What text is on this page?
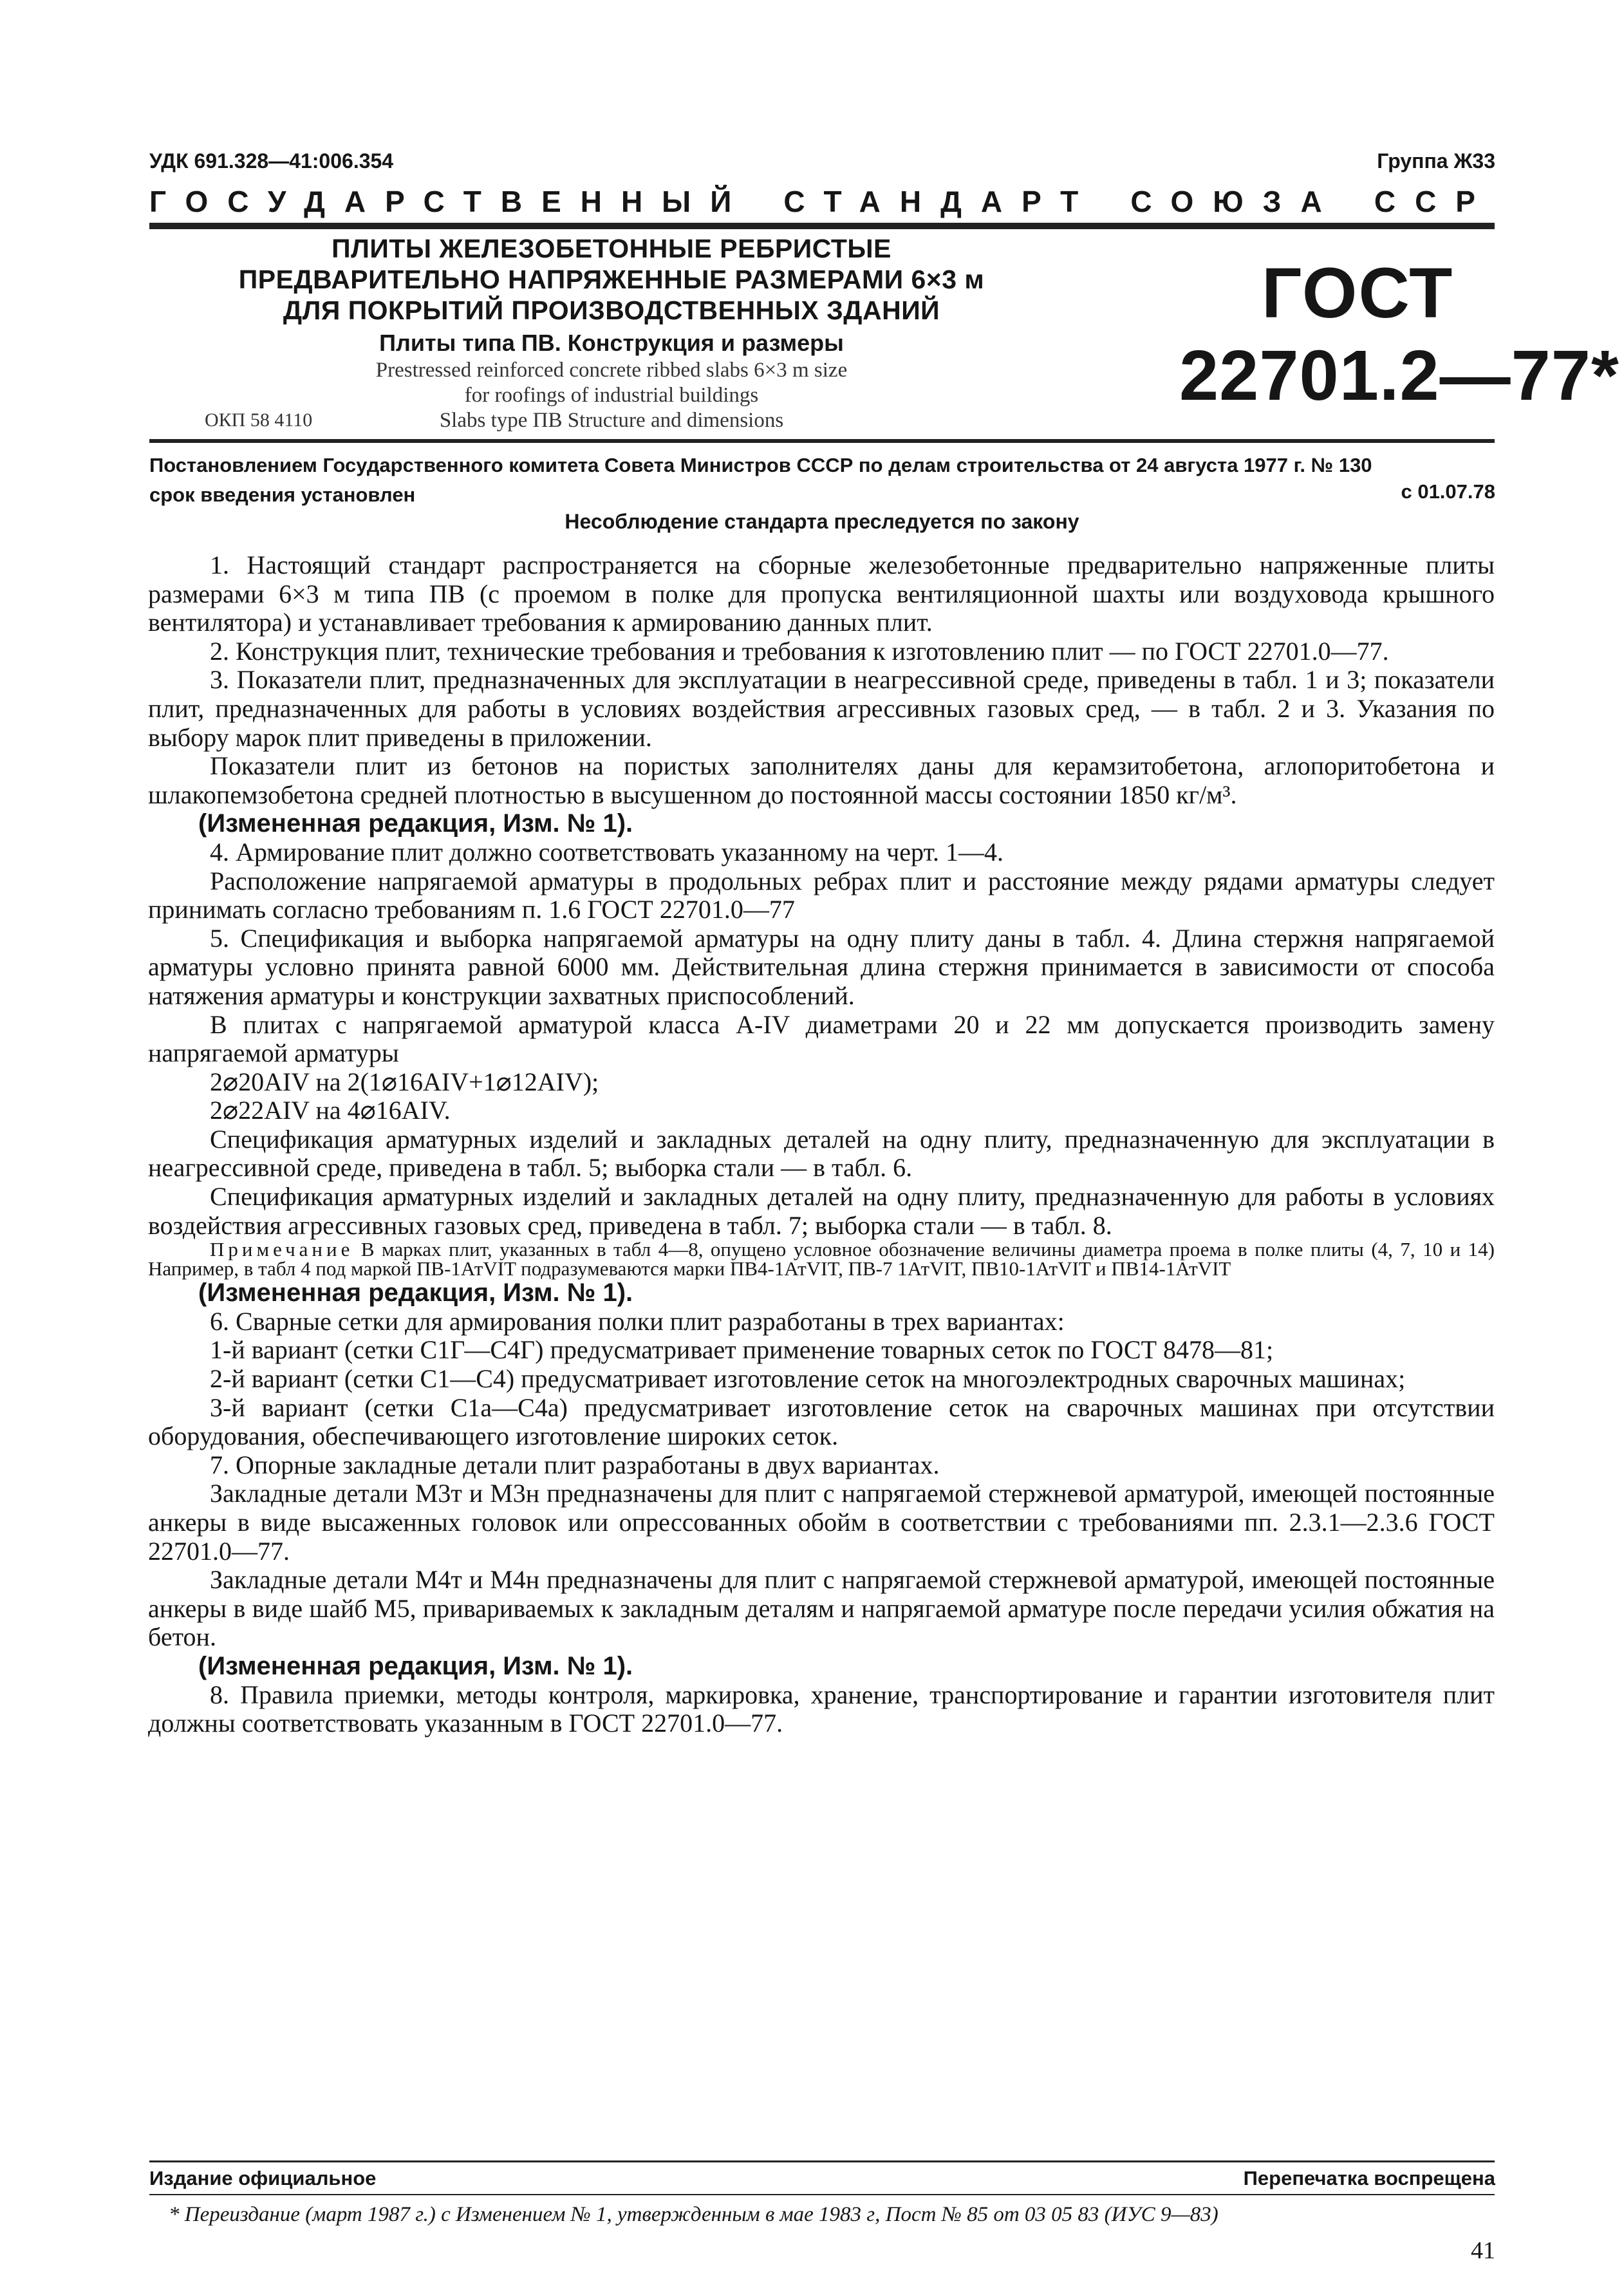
УДК 691.328—41:006.354	Группа Ж33
ГОСУДАРСТВЕННЫЙ СТАНДАРТ СОЮЗА ССР
ПЛИТЫ ЖЕЛЕЗОБЕТОННЫЕ РЕБРИСТЫЕ
ПРЕДВАРИТЕЛЬНО НАПРЯЖЕННЫЕ РАЗМЕРАМИ 6×3 м
ДЛЯ ПОКРЫТИЙ ПРОИЗВОДСТВЕННЫХ ЗДАНИЙ
Плиты типа ПВ. Конструкция и размеры
Prestressed reinforced concrete ribbed slabs 6×3 m size
for roofings of industrial buildings
Slabs type ПВ Structure and dimensions
ГОСТ
22701.2—77*
ОКП 58 4110
Постановлением Государственного комитета Совета Министров СССР по делам строительства от 24 августа 1977 г. № 130
срок введения установлен	с 01.07.78
Несоблюдение стандарта преследуется по закону

1. Настоящий стандарт распространяется на сборные железобетонные предварительно напряженные плиты размерами 6×3 м типа ПВ (с проемом в полке для пропуска вентиляционной шахты или воздуховода крышного вентилятора) и устанавливает требования к армированию данных плит.

2. Конструкция плит, технические требования и требования к изготовлению плит — по ГОСТ 22701.0—77.

3. Показатели плит, предназначенных для эксплуатации в неагрессивной среде, приведены в табл. 1 и 3; показатели плит, предназначенных для работы в условиях воздействия агрессивных газовых сред, — в табл. 2 и 3. Указания по выбору марок плит приведены в приложении.

Показатели плит из бетонов на пористых заполнителях даны для керамзитобетона, аглопоритобетона и шлакопемзобетона средней плотностью в высушенном до постоянной массы состоянии 1850 кг/м³.

(Измененная редакция, Изм. № 1).

4. Армирование плит должно соответствовать указанному на черт. 1—4.

Расположение напрягаемой арматуры в продольных ребрах плит и расстояние между рядами арматуры следует принимать согласно требованиям п. 1.6 ГОСТ 22701.0—77

5. Спецификация и выборка напрягаемой арматуры на одну плиту даны в табл. 4. Длина стержня напрягаемой арматуры условно принята равной 6000 мм. Действительная длина стержня принимается в зависимости от способа натяжения арматуры и конструкции захватных приспособлений.

В плитах с напрягаемой арматурой класса A-IV диаметрами 20 и 22 мм допускается производить замену напрягаемой арматуры

2⌀20AIV на 2(1⌀16AIV+1⌀12AIV);

2⌀22AIV на 4⌀16AIV.

Спецификация арматурных изделий и закладных деталей на одну плиту, предназначенную для эксплуатации в неагрессивной среде, приведена в табл. 5; выборка стали — в табл. 6.

Спецификация арматурных изделий и закладных деталей на одну плиту, предназначенную для работы в условиях воздействия агрессивных газовых сред, приведена в табл. 7; выборка стали — в табл. 8.

Примечание В марках плит, указанных в табл 4—8, опущено условное обозначение величины диаметра проема в полке плиты (4, 7, 10 и 14) Например, в табл 4 под маркой ПВ-1АтVIT подразумеваются марки ПВ4-1АтVIT, ПВ-7 1АтVIT, ПВ10-1АтVIT и ПВ14-1АтVIT

(Измененная редакция, Изм. № 1).

6. Сварные сетки для армирования полки плит разработаны в трех вариантах:

1-й вариант (сетки С1Г—С4Г) предусматривает применение товарных сеток по ГОСТ 8478—81;

2-й вариант (сетки С1—С4) предусматривает изготовление сеток на многоэлектродных сварочных машинах;

3-й вариант (сетки С1а—С4а) предусматривает изготовление сеток на сварочных машинах при отсутствии оборудования, обеспечивающего изготовление широких сеток.

7. Опорные закладные детали плит разработаны в двух вариантах.

Закладные детали М3т и М3н предназначены для плит с напрягаемой стержневой арматурой, имеющей постоянные анкеры в виде высаженных головок или опрессованных обойм в соответствии с требованиями пп. 2.3.1—2.3.6 ГОСТ 22701.0—77.

Закладные детали М4т и М4н предназначены для плит с напрягаемой стержневой арматурой, имеющей постоянные анкеры в виде шайб М5, привариваемых к закладным деталям и напрягаемой арматуре после передачи усилия обжатия на бетон.

(Измененная редакция, Изм. № 1).

8. Правила приемки, методы контроля, маркировка, хранение, транспортирование и гарантии изготовителя плит должны соответствовать указанным в ГОСТ 22701.0—77.

Издание официальное	Перепечатка воспрещена
* Переиздание (март 1987 г.) с Изменением № 1, утвержденным в мае 1983 г, Пост № 85 от 03 05 83 (ИУС 9—83)
41
